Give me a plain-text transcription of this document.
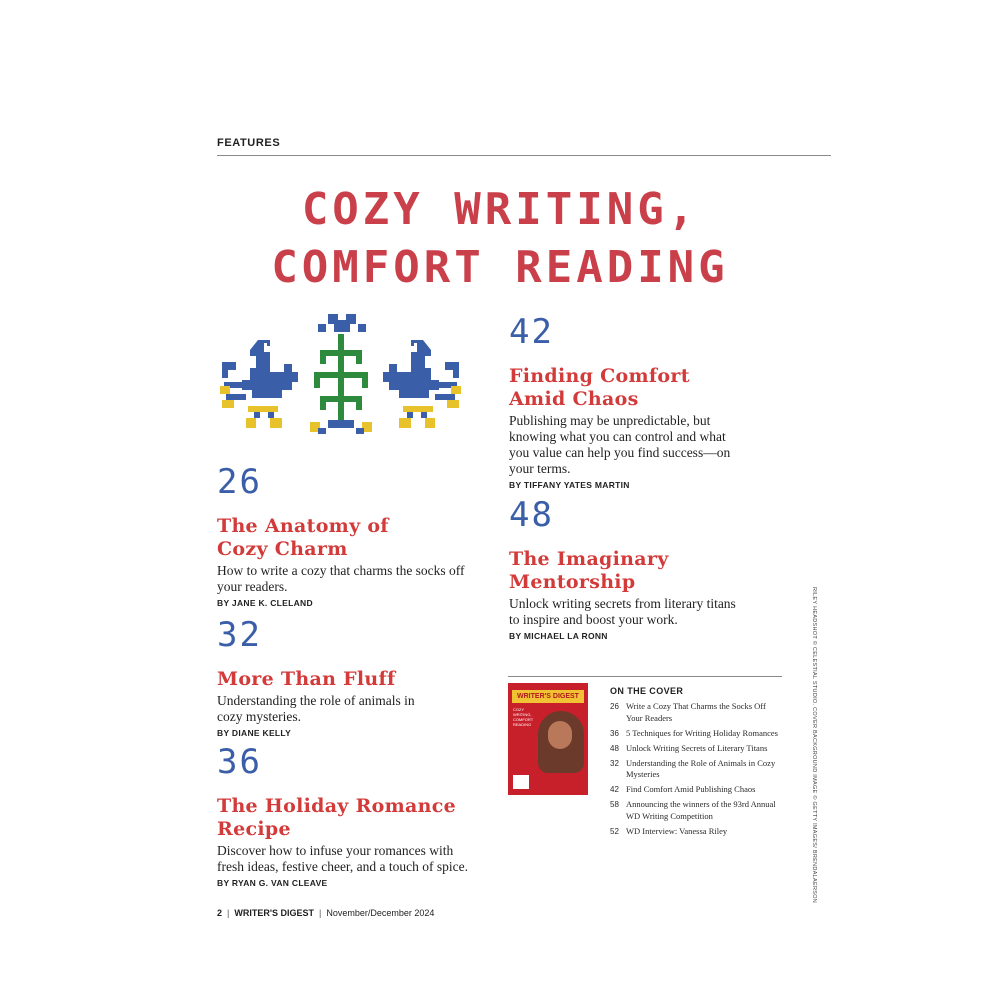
FEATURES
COZY WRITING,
COMFORT READING
26
The Anatomy of Cozy Charm
How to write a cozy that charms the socks off your readers.
BY JANE K. CLELAND
32
More Than Fluff
Understanding the role of animals in cozy mysteries.
BY DIANE KELLY
36
The Holiday Romance Recipe
Discover how to infuse your romances with fresh ideas, festive cheer, and a touch of spice.
BY RYAN G. VAN CLEAVE
42
Finding Comfort Amid Chaos
Publishing may be unpredictable, but knowing what you can control and what you value can help you find success—on your terms.
BY TIFFANY YATES MARTIN
48
The Imaginary Mentorship
Unlock writing secrets from literary titans to inspire and boost your work.
BY MICHAEL LA RONN
WRITER'S DIGEST
COZY WRITING, COMFORT READING
ON THE COVER
26 Write a Cozy That Charms the Socks Off Your Readers
36 5 Techniques for Writing Holiday Romances
48 Unlock Writing Secrets of Literary Titans
32 Understanding the Role of Animals in Cozy Mysteries
42 Find Comfort Amid Publishing Chaos
58 Announcing the winners of the 93rd Annual WD Writing Competition
52 WD Interview: Vanessa Riley	RILEY HEADSHOT © CELESTIAL STUDIO. COVER BACKGROUND IMAGE © GETTY IMAGES/ BRENDALAERSON
2 | WRITER'S DIGEST | November/December 2024
